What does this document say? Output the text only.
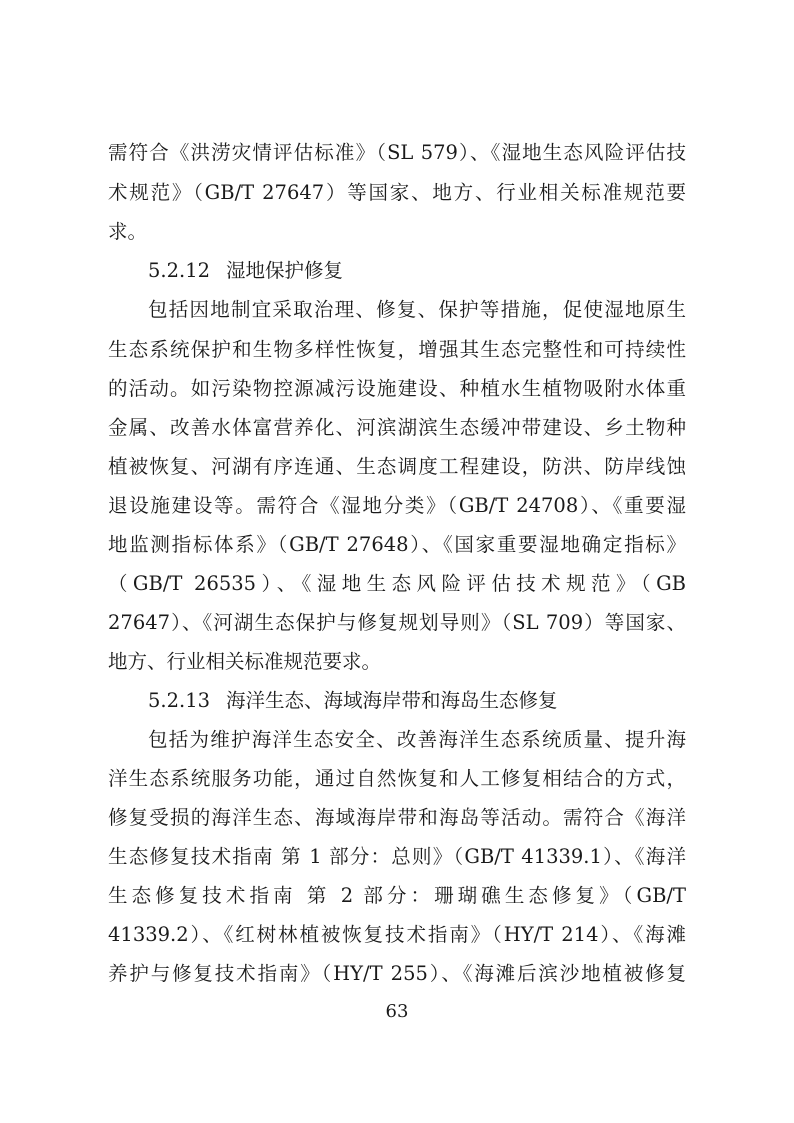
需符合《洪涝灾情评估标准》（SL 579）、《湿地生态风险评估技
术规范》（GB/T 27647）等国家、地方、行业相关标准规范要
求。
5.2.12 湿地保护修复
包括因地制宜采取治理、修复、保护等措施，促使湿地原生
生态系统保护和生物多样性恢复，增强其生态完整性和可持续性
的活动。如污染物控源减污设施建设、种植水生植物吸附水体重
金属、改善水体富营养化、河滨湖滨生态缓冲带建设、乡土物种
植被恢复、河湖有序连通、生态调度工程建设，防洪、防岸线蚀
退设施建设等。需符合《湿地分类》（GB/T 24708）、《重要湿
地监测指标体系》（GB/T 27648）、《国家重要湿地确定指标》
（GB/T 26535）、《湿地生态风险评估技术规范》（GB
27647）、《河湖生态保护与修复规划导则》（SL 709）等国家、
地方、行业相关标准规范要求。
5.2.13 海洋生态、海域海岸带和海岛生态修复
包括为维护海洋生态安全、改善海洋生态系统质量、提升海
洋生态系统服务功能，通过自然恢复和人工修复相结合的方式，
修复受损的海洋生态、海域海岸带和海岛等活动。需符合《海洋
生态修复技术指南 第 1 部分：总则》（GB/T 41339.1）、《海洋
生态修复技术指南 第 2 部分：珊瑚礁生态修复》（GB/T
41339.2）、《红树林植被恢复技术指南》（HY/T 214）、《海滩
养护与修复技术指南》（HY/T 255）、《海滩后滨沙地植被修复
63
